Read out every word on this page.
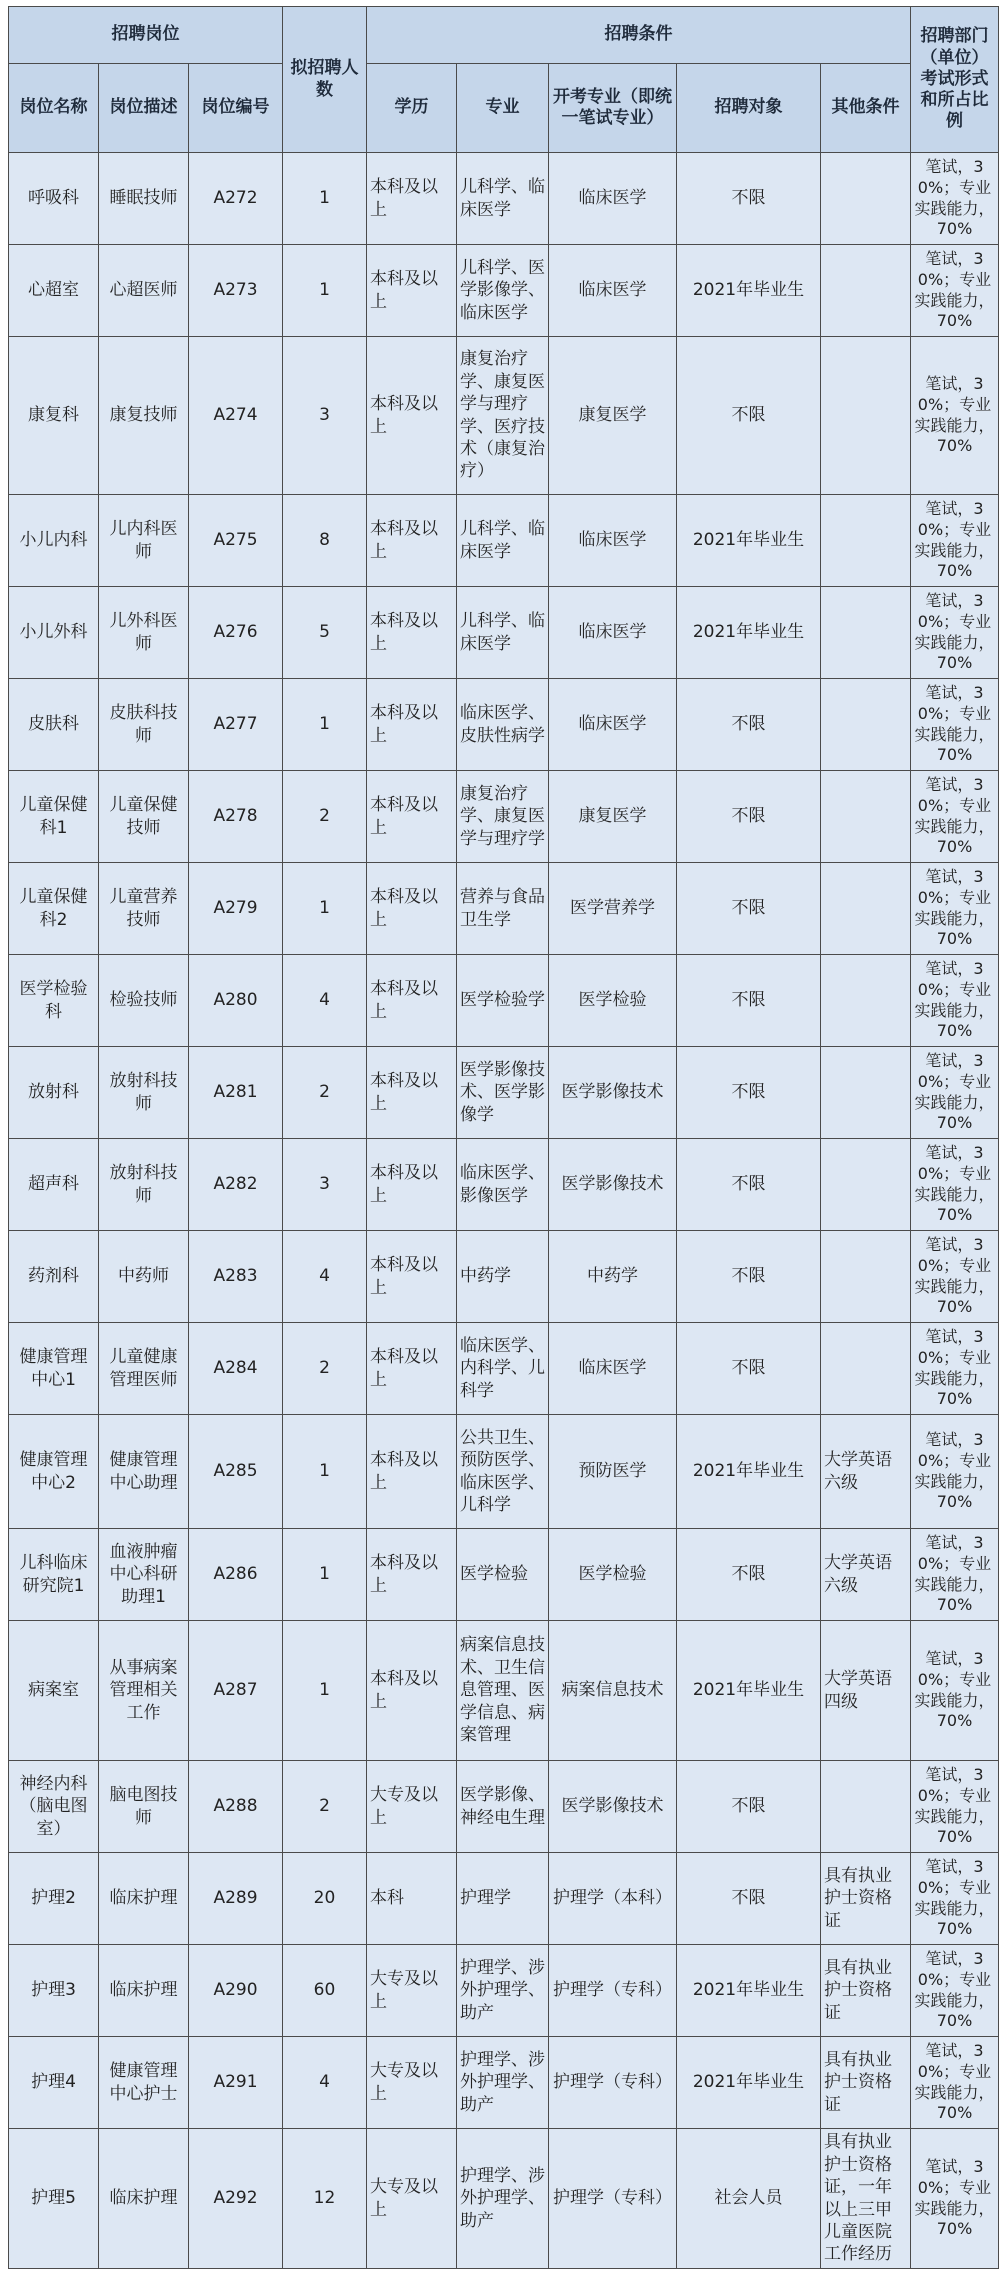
招聘岗位			拟招聘人数	招聘条件					招聘部门（单位）考试形式和所占比例
岗位名称	岗位描述	岗位编号		学历	专业	开考专业（即统一笔试专业）	招聘对象	其他条件	
呼吸科	睡眠技师	A272	1	本科及以上	儿科学、临床医学	临床医学	不限		笔试，30%；专业实践能力，70%
心超室	心超医师	A273	1	本科及以上	儿科学、医学影像学、临床医学	临床医学	2021年毕业生		笔试，30%；专业实践能力，70%
康复科	康复技师	A274	3	本科及以上	康复治疗学、康复医学与理疗学、医疗技术（康复治疗）	康复医学	不限		笔试，30%；专业实践能力，70%
小儿内科	儿内科医师	A275	8	本科及以上	儿科学、临床医学	临床医学	2021年毕业生		笔试，30%；专业实践能力，70%
小儿外科	儿外科医师	A276	5	本科及以上	儿科学、临床医学	临床医学	2021年毕业生		笔试，30%；专业实践能力，70%
皮肤科	皮肤科技师	A277	1	本科及以上	临床医学、皮肤性病学	临床医学	不限		笔试，30%；专业实践能力，70%
儿童保健科1	儿童保健技师	A278	2	本科及以上	康复治疗学、康复医学与理疗学	康复医学	不限		笔试，30%；专业实践能力，70%
儿童保健科2	儿童营养技师	A279	1	本科及以上	营养与食品卫生学	医学营养学	不限		笔试，30%；专业实践能力，70%
医学检验科	检验技师	A280	4	本科及以上	医学检验学	医学检验	不限		笔试，30%；专业实践能力，70%
放射科	放射科技师	A281	2	本科及以上	医学影像技术、医学影像学	医学影像技术	不限		笔试，30%；专业实践能力，70%
超声科	放射科技师	A282	3	本科及以上	临床医学、影像医学	医学影像技术	不限		笔试，30%；专业实践能力，70%
药剂科	中药师	A283	4	本科及以上	中药学	中药学	不限		笔试，30%；专业实践能力，70%
健康管理中心1	儿童健康管理医师	A284	2	本科及以上	临床医学、内科学、儿科学	临床医学	不限		笔试，30%；专业实践能力，70%
健康管理中心2	健康管理中心助理	A285	1	本科及以上	公共卫生、预防医学、临床医学、儿科学	预防医学	2021年毕业生	大学英语六级	笔试，30%；专业实践能力，70%
儿科临床研究院1	血液肿瘤中心科研助理1	A286	1	本科及以上	医学检验	医学检验	不限	大学英语六级	笔试，30%；专业实践能力，70%
病案室	从事病案管理相关工作	A287	1	本科及以上	病案信息技术、卫生信息管理、医学信息、病案管理	病案信息技术	2021年毕业生	大学英语四级	笔试，30%；专业实践能力，70%
神经内科（脑电图室）	脑电图技师	A288	2	大专及以上	医学影像、神经电生理	医学影像技术	不限		笔试，30%；专业实践能力，70%
护理2	临床护理	A289	20	本科	护理学	护理学（本科）	不限	具有执业护士资格证	笔试，30%；专业实践能力，70%
护理3	临床护理	A290	60	大专及以上	护理学、涉外护理学、助产	护理学（专科）	2021年毕业生	具有执业护士资格证	笔试，30%；专业实践能力，70%
护理4	健康管理中心护士	A291	4	大专及以上	护理学、涉外护理学、助产	护理学（专科）	2021年毕业生	具有执业护士资格证	笔试，30%；专业实践能力，70%
护理5	临床护理	A292	12	大专及以上	护理学、涉外护理学、助产	护理学（专科）	社会人员	具有执业护士资格证，一年以上三甲儿童医院工作经历	笔试，30%；专业实践能力，70%
